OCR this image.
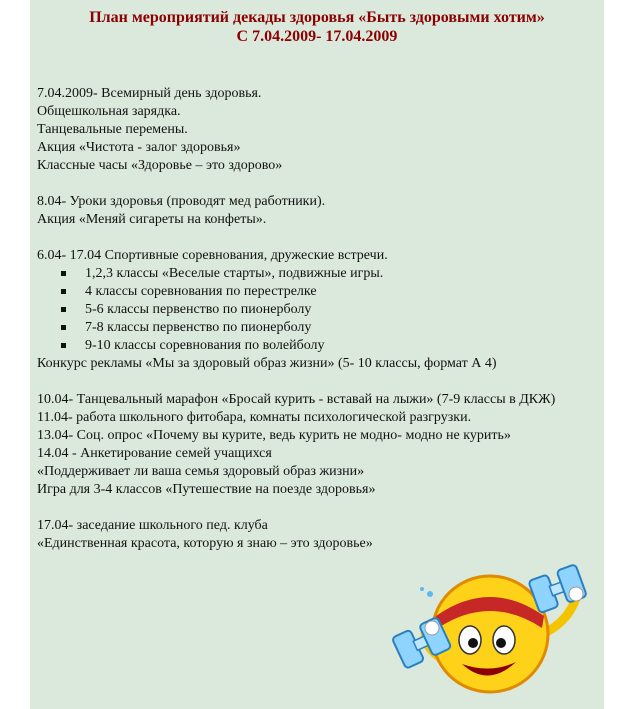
План мероприятий декады здоровья «Быть здоровыми хотим»
С 7.04.2009- 17.04.2009
7.04.2009- Всемирный день здоровья.
Общешкольная зарядка.
Танцевальные перемены.
Акция «Чистота - залог здоровья»
Классные часы «Здоровье – это здорово»
8.04- Уроки здоровья (проводят мед работники).
Акция «Меняй сигареты на конфеты».
6.04- 17.04 Спортивные соревнования, дружеские встречи.
1,2,3 классы «Веселые старты», подвижные игры.
4 классы соревнования по перестрелке
5-6 классы первенство по пионерболу
7-8 классы первенство по пионерболу
9-10 классы соревнования по волейболу
Конкурс рекламы «Мы за здоровый образ жизни» (5- 10 классы, формат А 4)
10.04- Танцевальный марафон «Бросай курить - вставай на лыжи» (7-9 классы в ДКЖ)
11.04- работа школьного фитобара, комнаты психологической разгрузки.
13.04- Соц. опрос «Почему вы курите, ведь курить не модно- модно не курить»
14.04 - Анкетирование семей учащихся
«Поддерживает ли ваша семья здоровый образ жизни»
Игра для 3-4 классов «Путешествие на поезде здоровья»
17.04- заседание школьного пед. клуба
«Единственная красота, которую я знаю – это здоровье»
